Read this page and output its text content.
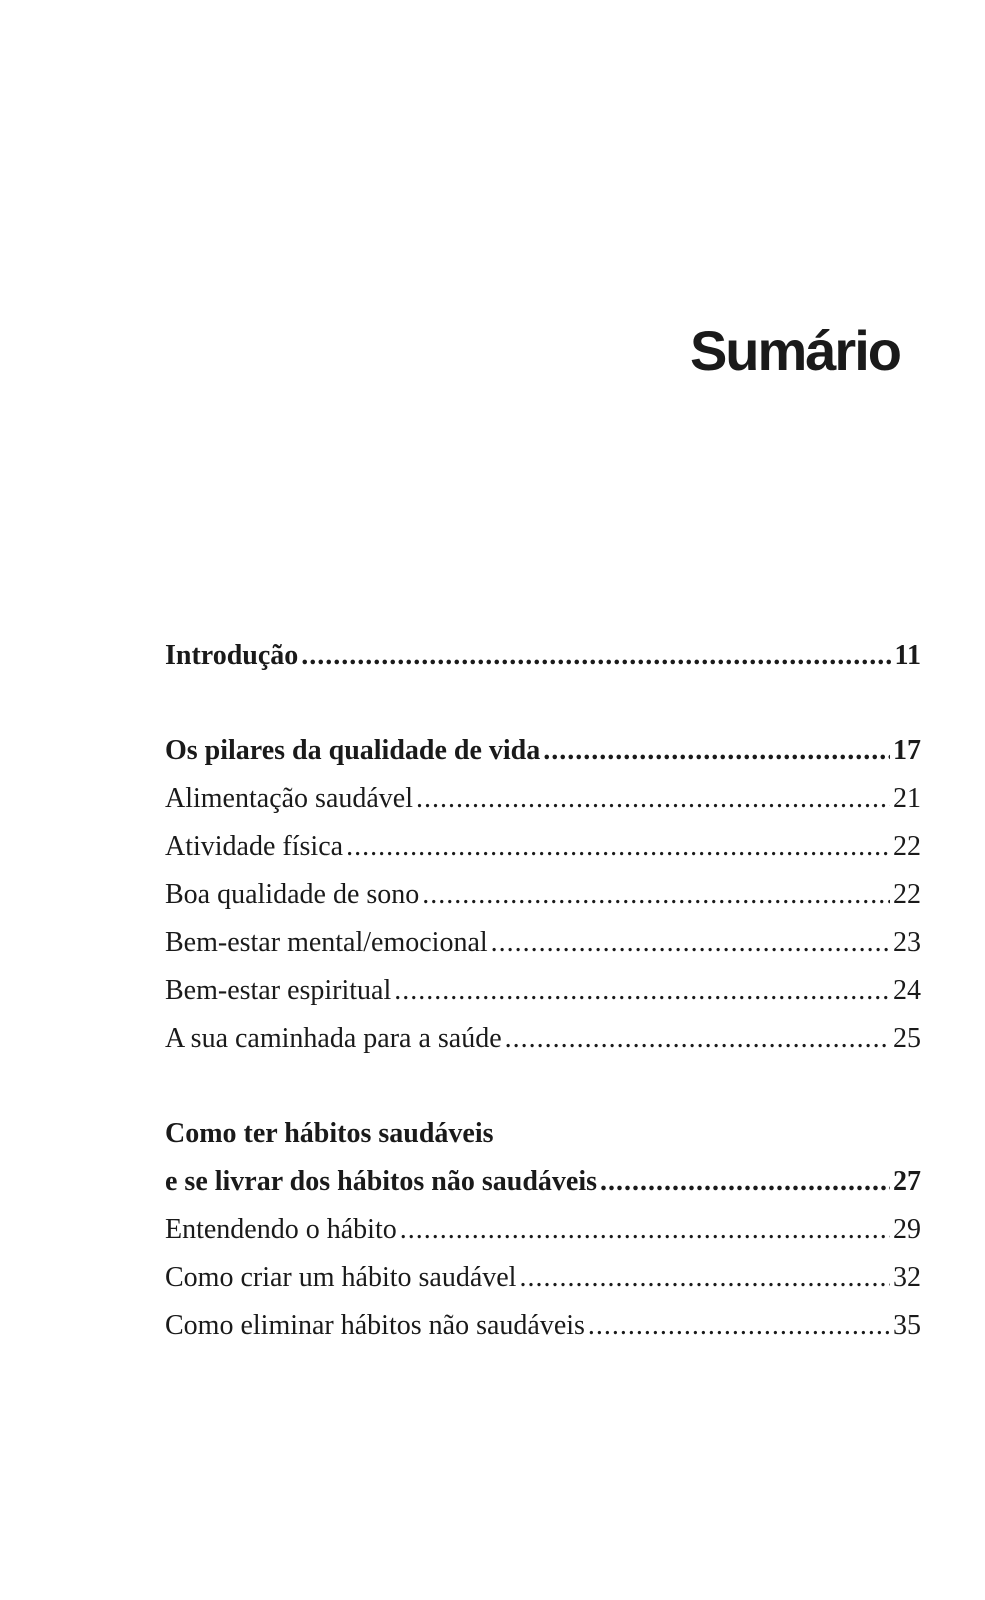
Sumário
Introdução .....	11
Os pilares da qualidade de vida .....	17
Alimentação saudável .....	21
Atividade física .....	22
Boa qualidade de sono .....	22
Bem-estar mental/emocional .....	23
Bem-estar espiritual .....	24
A sua caminhada para a saúde .....	25
Como ter hábitos saudáveis
e se livrar dos hábitos não saudáveis .....	27
Entendendo o hábito .....	29
Como criar um hábito saudável .....	32
Como eliminar hábitos não saudáveis .....	35
